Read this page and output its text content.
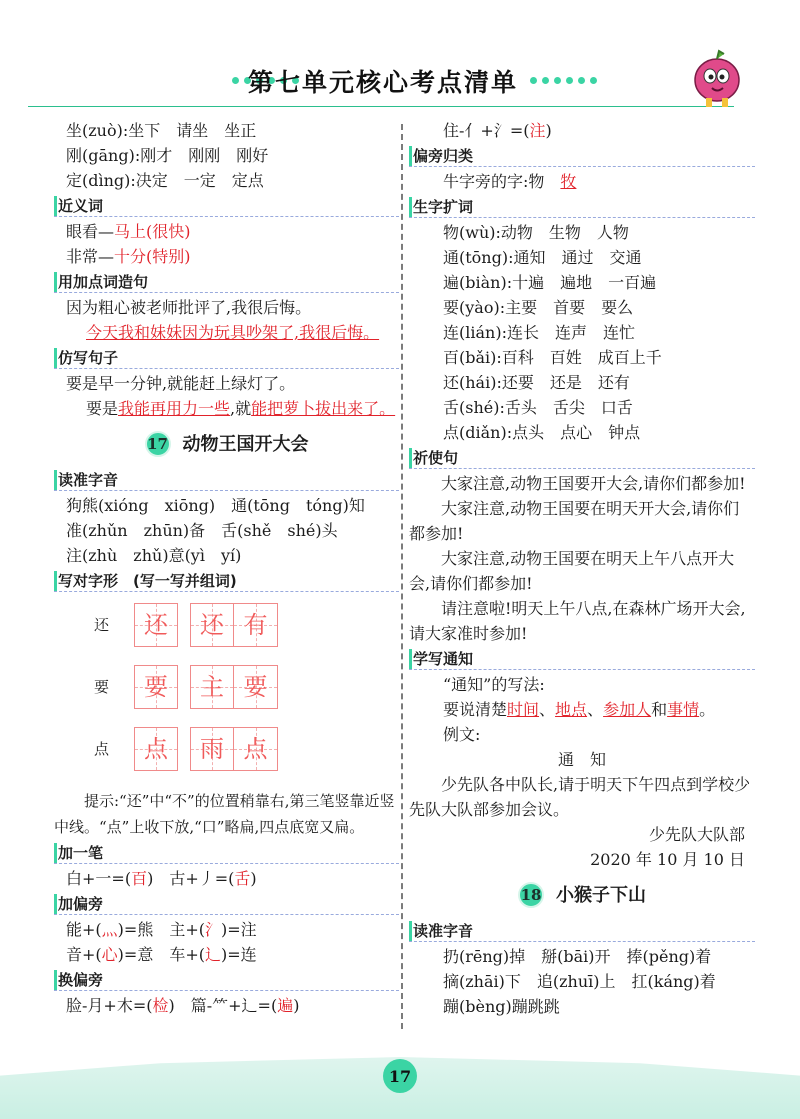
第七单元核心考点清单
坐(zuò):坐下　请坐　坐正
刚(gāng):刚才　刚刚　刚好
定(dìng):决定　一定　定点
近义词
眼看—马上(很快)
非常—十分(特别)
用加点词造句
因为粗心被老师批评了,我很后悔。
今天我和妹妹因为玩具吵架了,我很后悔。
仿写句子
要是早一分钟,就能赶上绿灯了。
要是我能再用力一些,就能把萝卜拔出来了。
17 动物王国开大会
读准字音
狗熊(xióng　xiōng)　通(tōng　tóng)知
准(zhǔn　zhūn)备　舌(shě　shé)头
注(zhù　zhǔ)意(yì　yí)
写对字形　(写一写并组词)
还	还 还 有
要	要 主 要
点	点 雨 点
提示:“还”中“不”的位置稍靠右,第三笔竖靠近竖中线。“点”上收下放,“口”略扁,四点底宽又扁。
加一笔
白+一=(百)　古+丿=(舌)
加偏旁
能+(灬)=熊　主+(氵)=注
音+(心)=意　车+(辶)=连
换偏旁
脸-月+木=(检)　篇-⺮+辶=(遍)
住-亻+氵=(注)
偏旁归类
牛字旁的字:物　牧
生字扩词
物(wù):动物　生物　人物
通(tōng):通知　通过　交通
遍(biàn):十遍　遍地　一百遍
要(yào):主要　首要　要么
连(lián):连长　连声　连忙
百(bǎi):百科　百姓　成百上千
还(hái):还要　还是　还有
舌(shé):舌头　舌尖　口舌
点(diǎn):点头　点心　钟点
祈使句
大家注意,动物王国要开大会,请你们都参加!
大家注意,动物王国要在明天开大会,请你们都参加!
大家注意,动物王国要在明天上午八点开大会,请你们都参加!
请注意啦!明天上午八点,在森林广场开大会,请大家准时参加!
学写通知
“通知”的写法:
要说清楚时间、地点、参加人和事情。
例文:
通　知
少先队各中队长,请于明天下午四点到学校少先队大队部参加会议。
少先队大队部
2020 年 10 月 10 日
18 小猴子下山
读准字音
扔(rēng)掉　掰(bāi)开　捧(pěng)着
摘(zhāi)下　追(zhuī)上　扛(káng)着
蹦(bèng)蹦跳跳
17
